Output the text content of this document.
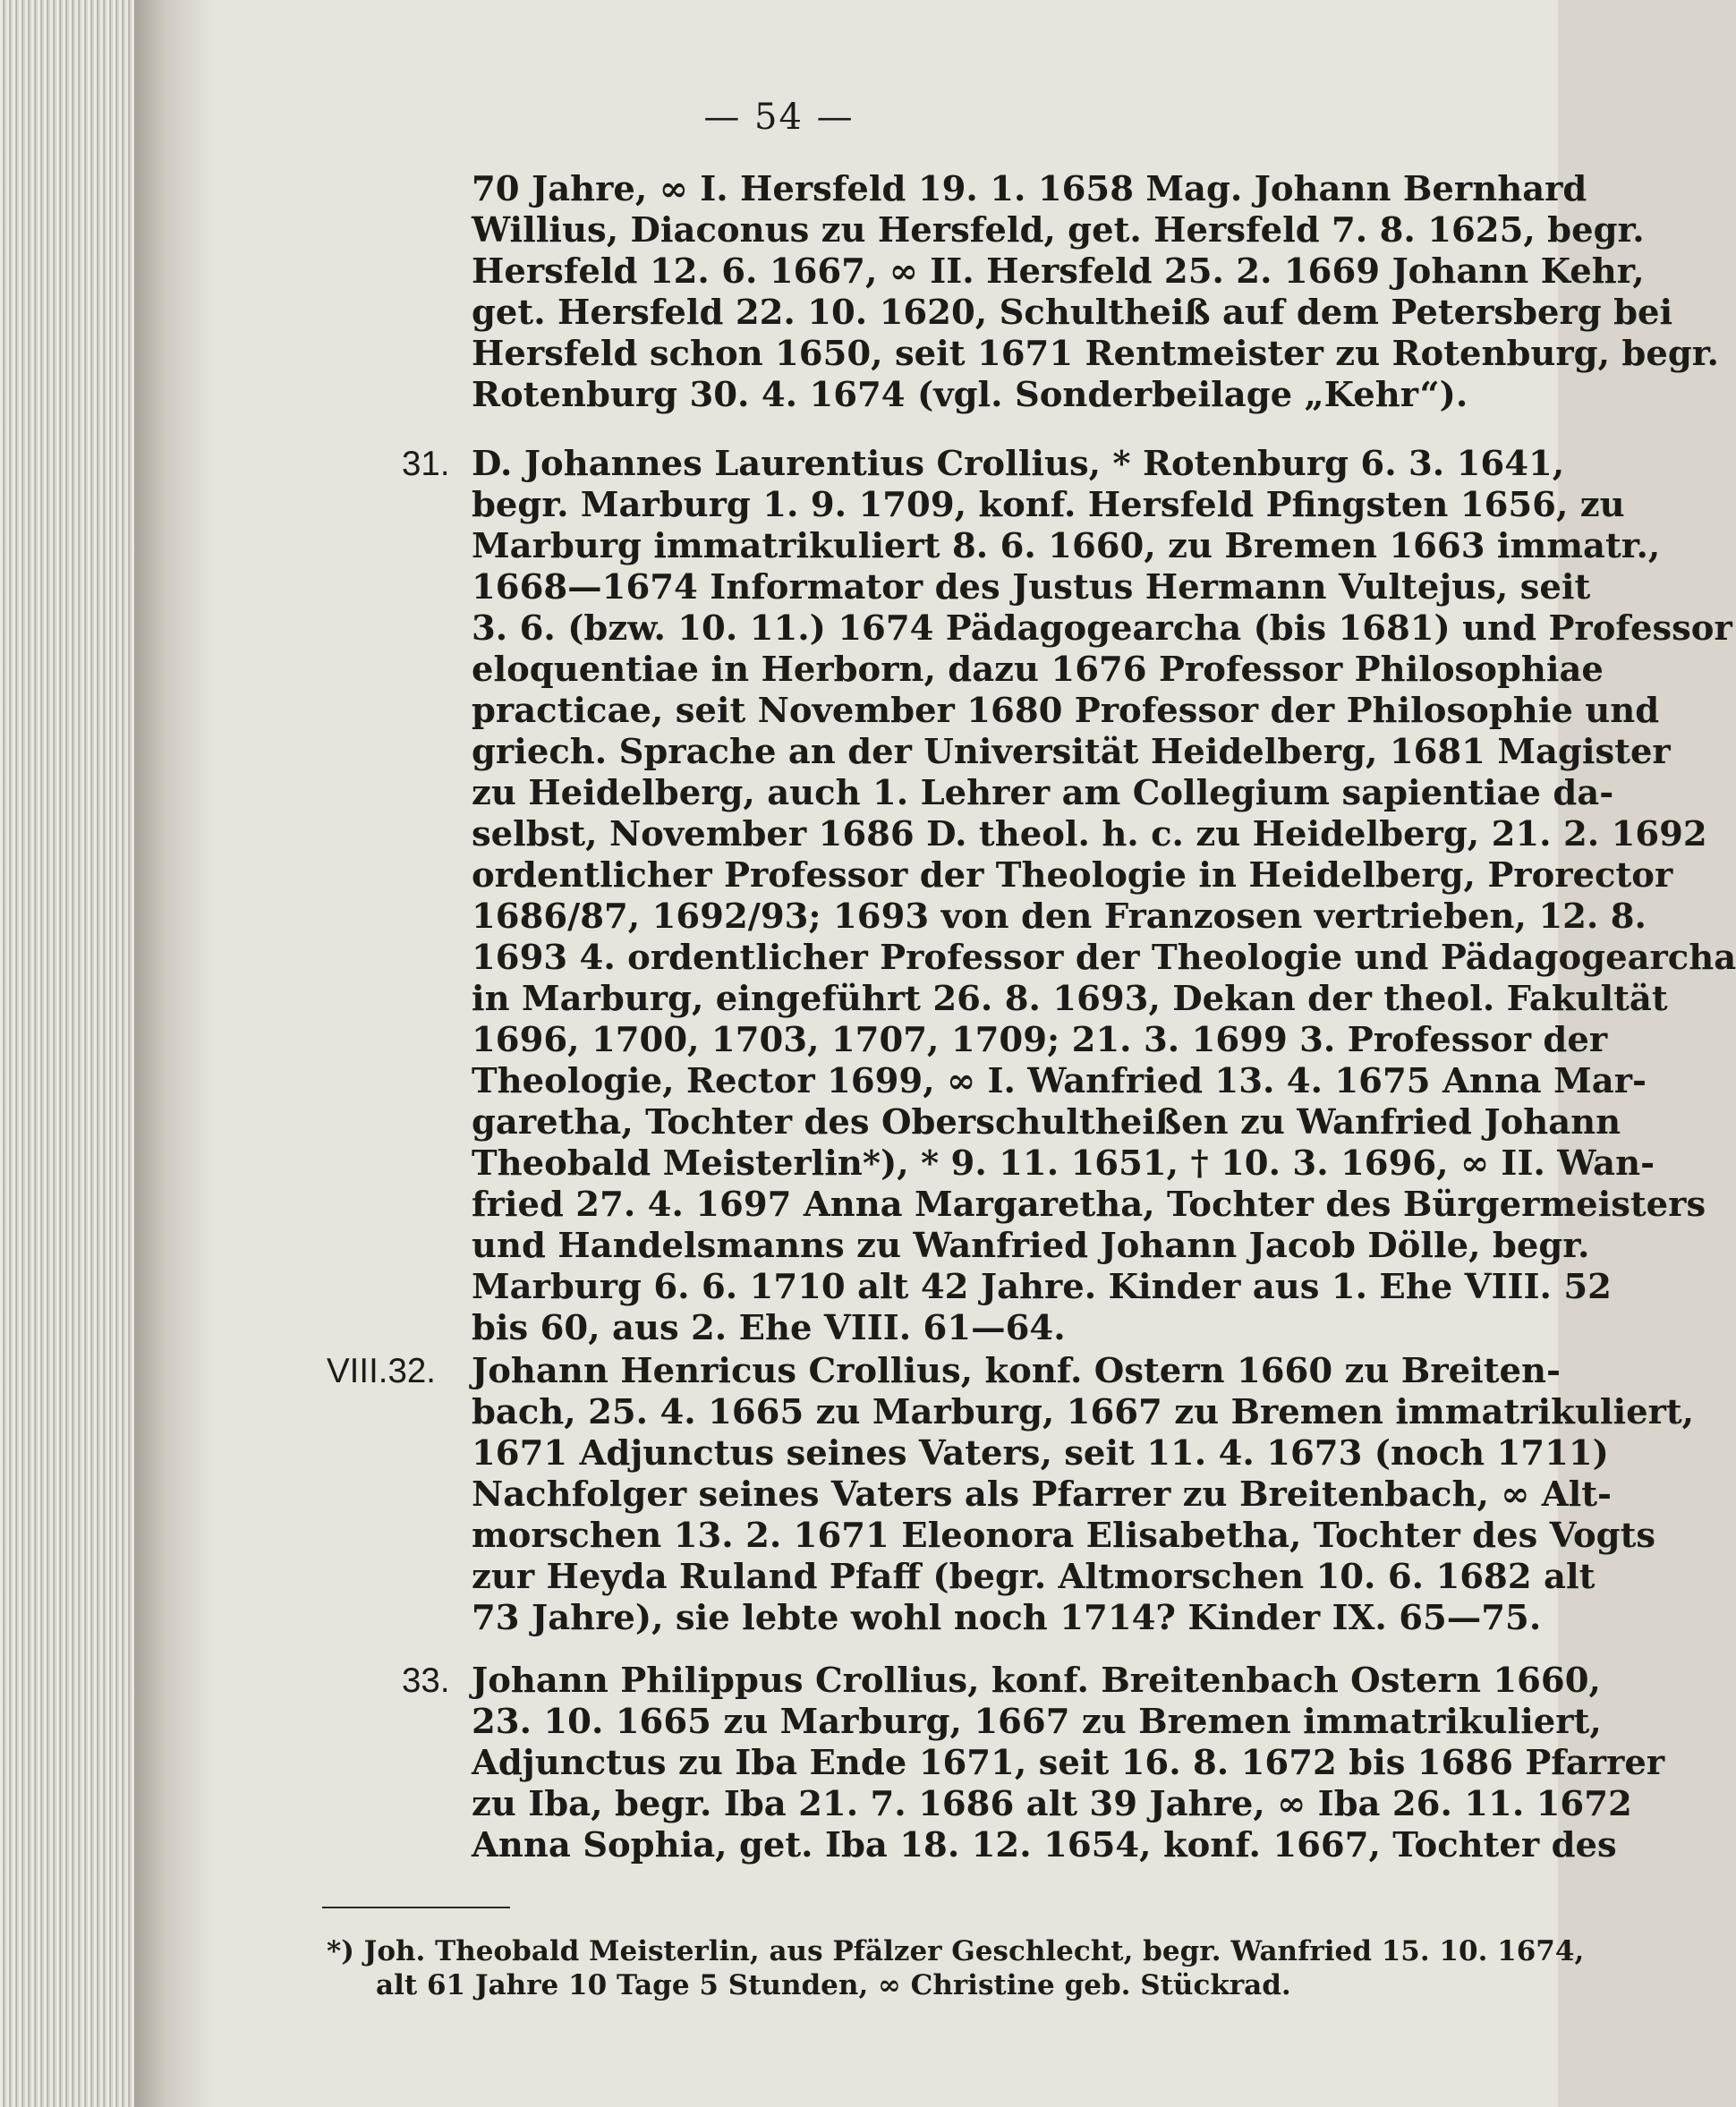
— 54 —
70 Jahre, ∞ I. Hersfeld 19. 1. 1658 Mag. Johann Bernhard
Willius, Diaconus zu Hersfeld, get. Hersfeld 7. 8. 1625, begr.
Hersfeld 12. 6. 1667, ∞ II. Hersfeld 25. 2. 1669 Johann Kehr,
get. Hersfeld 22. 10. 1620, Schultheiß auf dem Petersberg bei
Hersfeld schon 1650, seit 1671 Rentmeister zu Rotenburg, begr.
Rotenburg 30. 4. 1674 (vgl. Sonderbeilage „Kehr“).
31. D. Johannes Laurentius Crollius, * Rotenburg 6. 3. 1641,
begr. Marburg 1. 9. 1709, konf. Hersfeld Pfingsten 1656, zu
Marburg immatrikuliert 8. 6. 1660, zu Bremen 1663 immatr.,
1668—1674 Informator des Justus Hermann Vultejus, seit
3. 6. (bzw. 10. 11.) 1674 Pädagogearcha (bis 1681) und Professor
eloquentiae in Herborn, dazu 1676 Professor Philosophiae
practicae, seit November 1680 Professor der Philosophie und
griech. Sprache an der Universität Heidelberg, 1681 Magister
zu Heidelberg, auch 1. Lehrer am Collegium sapientiae da-
selbst, November 1686 D. theol. h. c. zu Heidelberg, 21. 2. 1692
ordentlicher Professor der Theologie in Heidelberg, Prorector
1686/87, 1692/93; 1693 von den Franzosen vertrieben, 12. 8.
1693 4. ordentlicher Professor der Theologie und Pädagogearcha
in Marburg, eingeführt 26. 8. 1693, Dekan der theol. Fakultät
1696, 1700, 1703, 1707, 1709; 21. 3. 1699 3. Professor der
Theologie, Rector 1699, ∞ I. Wanfried 13. 4. 1675 Anna Mar-
garetha, Tochter des Oberschultheißen zu Wanfried Johann
Theobald Meisterlin*), * 9. 11. 1651, † 10. 3. 1696, ∞ II. Wan-
fried 27. 4. 1697 Anna Margaretha, Tochter des Bürgermeisters
und Handelsmanns zu Wanfried Johann Jacob Dölle, begr.
Marburg 6. 6. 1710 alt 42 Jahre. Kinder aus 1. Ehe VIII. 52
bis 60, aus 2. Ehe VIII. 61—64.
VIII.32. Johann Henricus Crollius, konf. Ostern 1660 zu Breiten-
bach, 25. 4. 1665 zu Marburg, 1667 zu Bremen immatrikuliert,
1671 Adjunctus seines Vaters, seit 11. 4. 1673 (noch 1711)
Nachfolger seines Vaters als Pfarrer zu Breitenbach, ∞ Alt-
morschen 13. 2. 1671 Eleonora Elisabetha, Tochter des Vogts
zur Heyda Ruland Pfaff (begr. Altmorschen 10. 6. 1682 alt
73 Jahre), sie lebte wohl noch 1714? Kinder IX. 65—75.
33. Johann Philippus Crollius, konf. Breitenbach Ostern 1660,
23. 10. 1665 zu Marburg, 1667 zu Bremen immatrikuliert,
Adjunctus zu Iba Ende 1671, seit 16. 8. 1672 bis 1686 Pfarrer
zu Iba, begr. Iba 21. 7. 1686 alt 39 Jahre, ∞ Iba 26. 11. 1672
Anna Sophia, get. Iba 18. 12. 1654, konf. 1667, Tochter des
*) Joh. Theobald Meisterlin, aus Pfälzer Geschlecht, begr. Wanfried 15. 10. 1674,
alt 61 Jahre 10 Tage 5 Stunden, ∞ Christine geb. Stückrad.
